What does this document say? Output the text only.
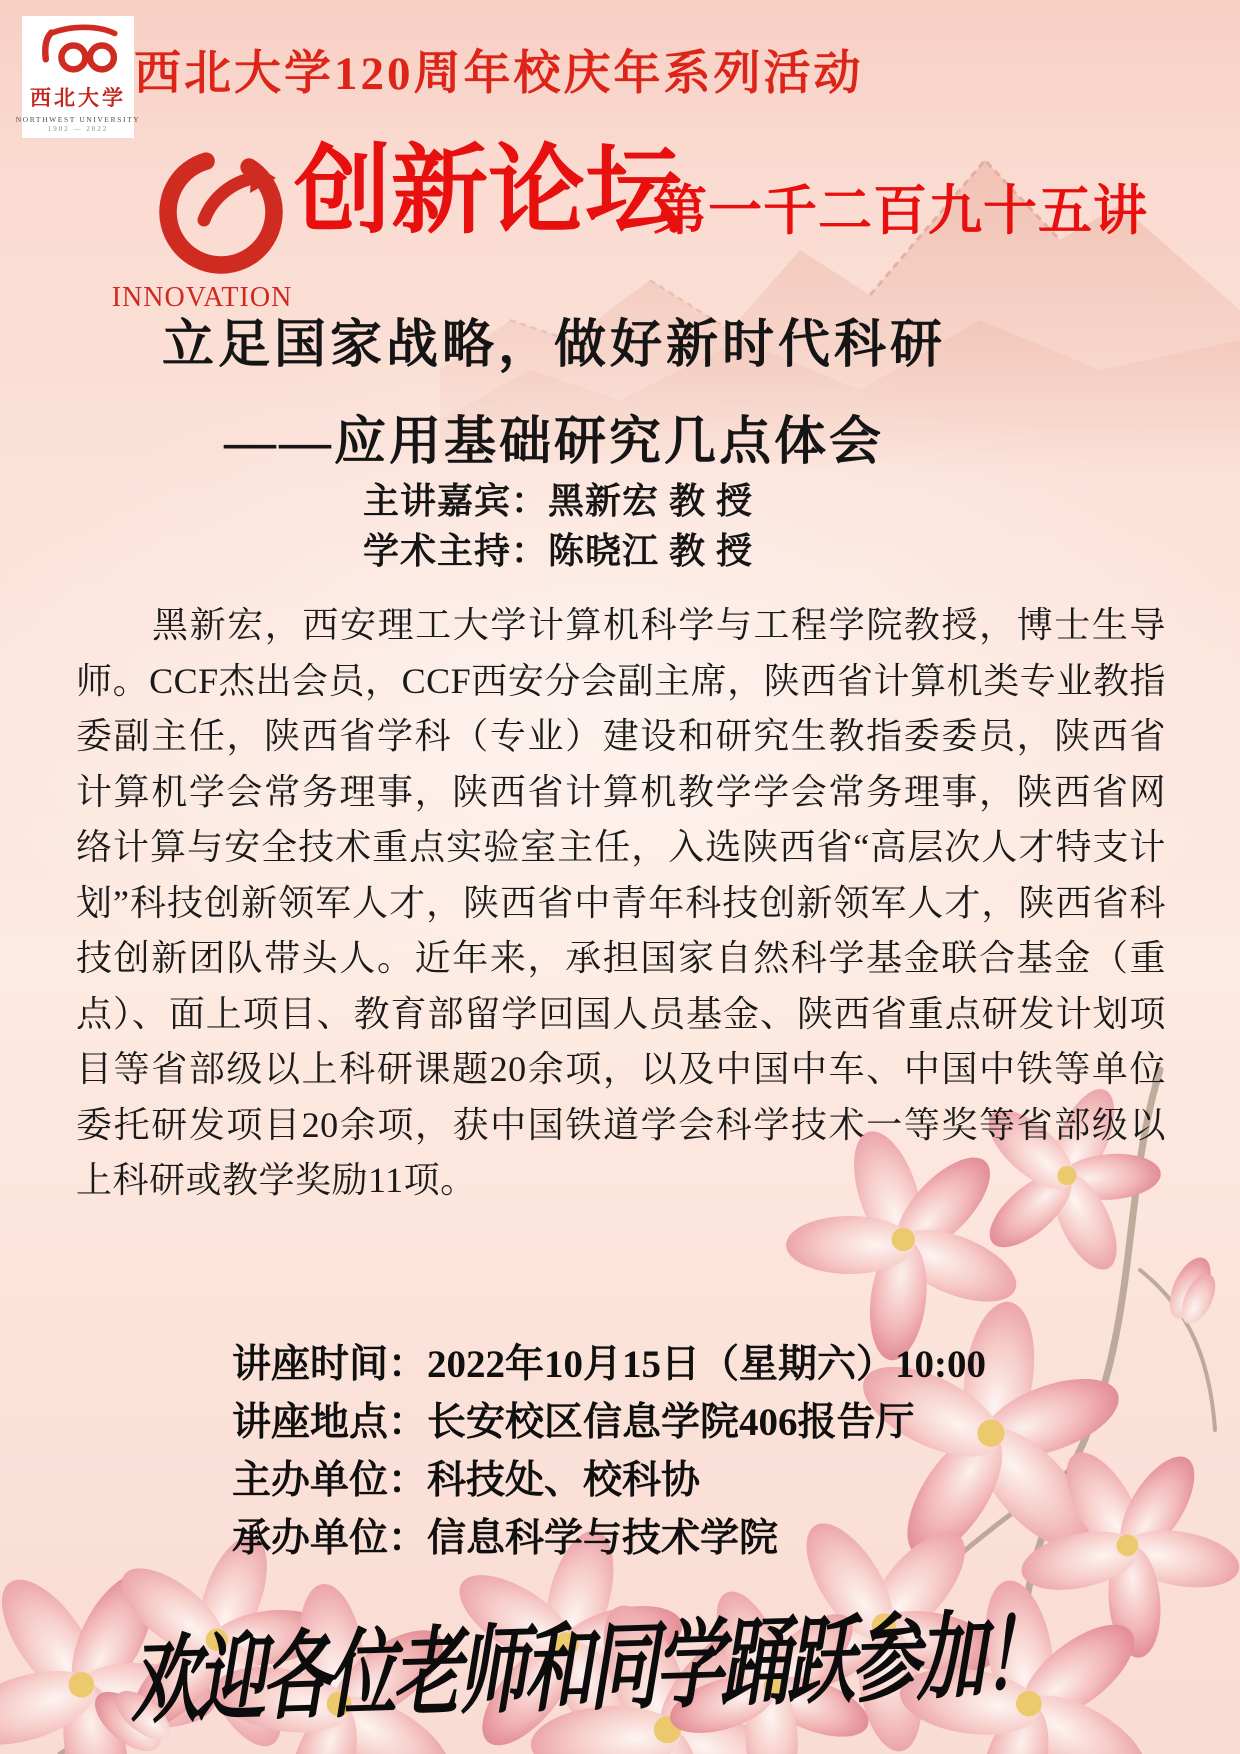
西北大学
NORTHWEST UNIVERSITY
1902 — 2022
西北大学120周年校庆年系列活动
INNOVATION
创新论坛
第一千二百九十五讲
立足国家战略，做好新时代科研
——应用基础研究几点体会
主讲嘉宾：黑新宏 教 授
学术主持：陈晓江 教 授

黑新宏，西安理工大学计算机科学与工程学院教授，博士生导师。CCF杰出会员，CCF西安分会副主席，陕西省计算机类专业教指委副主任，陕西省学科（专业）建设和研究生教指委委员，陕西省计算机学会常务理事，陕西省计算机教学学会常务理事，陕西省网络计算与安全技术重点实验室主任，入选陕西省“高层次人才特支计划”科技创新领军人才，陕西省中青年科技创新领军人才，陕西省科技创新团队带头人。近年来，承担国家自然科学基金联合基金（重点）、面上项目、教育部留学回国人员基金、陕西省重点研发计划项目等省部级以上科研课题20余项，以及中国中车、中国中铁等单位委托研发项目20余项，获中国铁道学会科学技术一等奖等省部级以上科研或教学奖励11项。

讲座时间：2022年10月15日（星期六）10:00
讲座地点：长安校区信息学院406报告厅
主办单位：科技处、校科协
承办单位：信息科学与技术学院
欢迎各位老师和同学踊跃参加！
